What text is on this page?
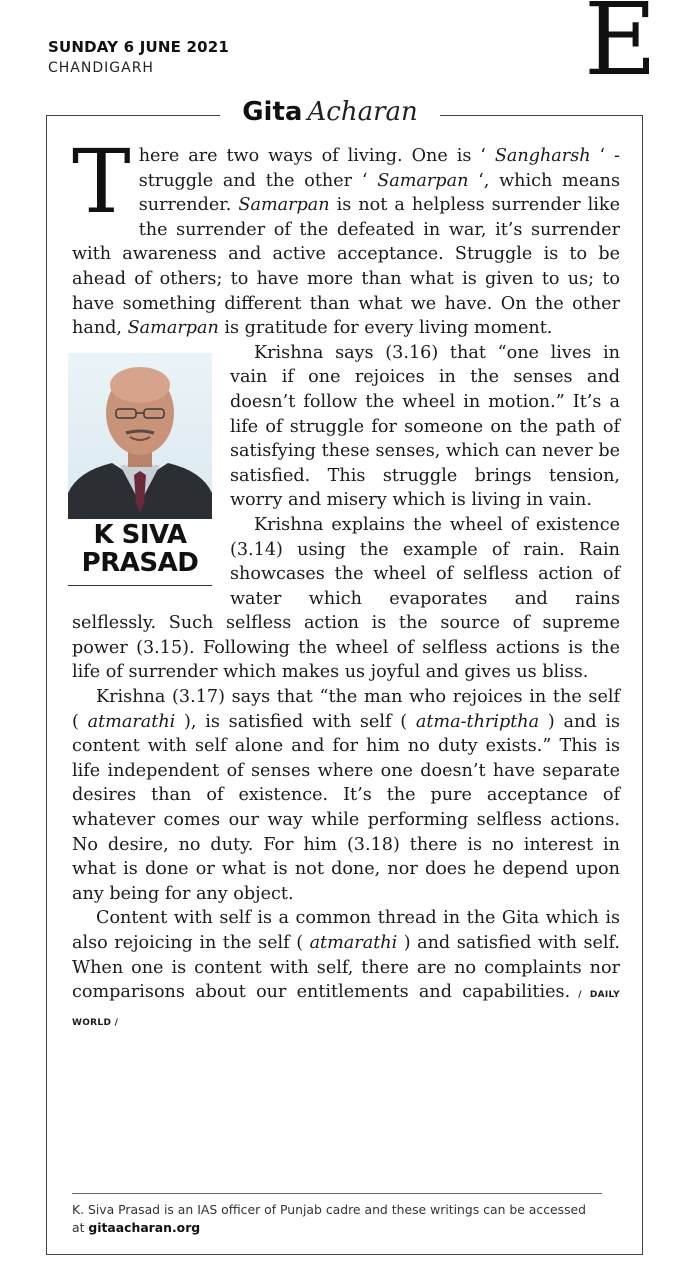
SUNDAY 6 JUNE 2021
CHANDIGARH	E
Gita Acharan

There are two ways of living. One is ‘ Sangharsh ‘ -struggle and the other ‘ Samarpan ‘, which means surrender. Samarpan is not a helpless surrender like the surrender of the defeated in war, it’s surrender with awareness and active acceptance. Struggle is to be ahead of others; to have more than what is given to us; to have something different than what we have. On the other hand, Samarpan is gratitude for every living moment.

K SIVA
PRASAD

Krishna says (3.16) that “one lives in vain if one rejoices in the senses and doesn’t follow the wheel in motion.” It’s a life of struggle for someone on the path of satisfying these senses, which can never be satisfied. This struggle brings tension, worry and misery which is living in vain.

Krishna explains the wheel of existence (3.14) using the example of rain. Rain showcases the wheel of selfless action of water which evaporates and rains selflessly. Such selfless action is the source of supreme power (3.15). Following the wheel of selfless actions is the life of surrender which makes us joyful and gives us bliss.

Krishna (3.17) says that “the man who rejoices in the self ( atmarathi ), is satisfied with self ( atma-thriptha ) and is content with self alone and for him no duty exists.” This is life independent of senses where one doesn’t have separate desires than of existence. It’s the pure acceptance of whatever comes our way while performing selfless actions. No desire, no duty. For him (3.18) there is no interest in what is done or what is not done, nor does he depend upon any being for any object.

Content with self is a common thread in the Gita which is also rejoicing in the self ( atmarathi ) and satisfied with self. When one is content with self, there are no complaints nor comparisons about our entitlements and capabilities. / DAILY WORLD /

K. Siva Prasad is an IAS officer of Punjab cadre and these writings can be accessed at gitaacharan.org
